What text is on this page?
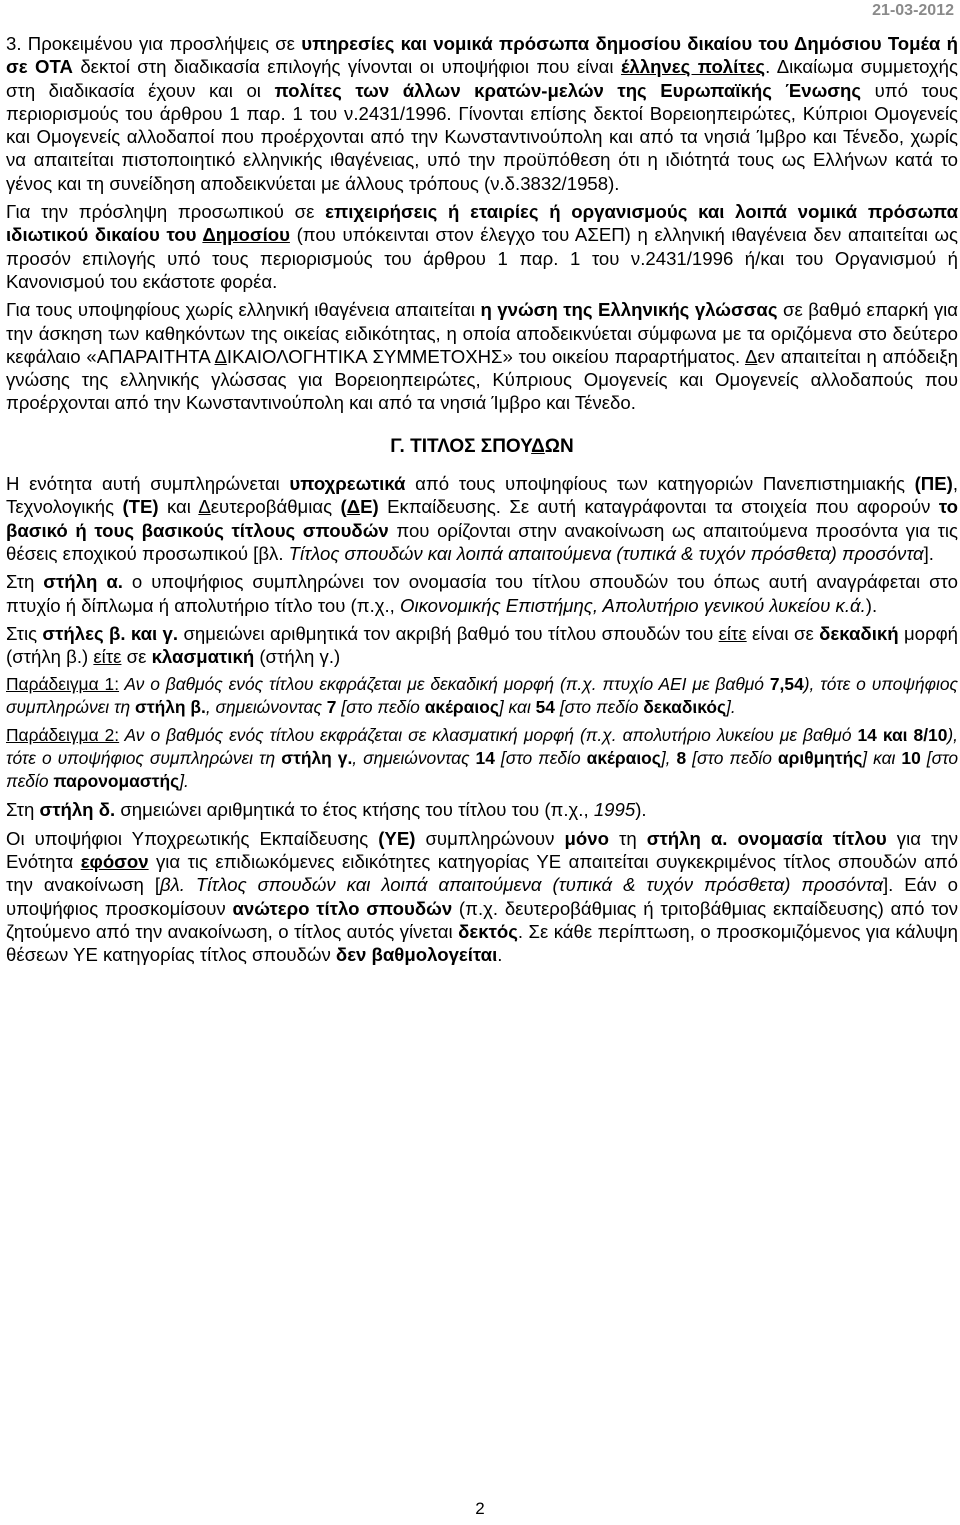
21-03-2012

3. Προκειμένου για προσλήψεις σε υπηρεσίες και νομικά πρόσωπα δημοσίου δικαίου του Δημόσιου Τομέα ή σε ΟΤΑ δεκτοί στη διαδικασία επιλογής γίνονται οι υποψήφιοι που είναι έλληνες πολίτες. Δικαίωμα συμμετοχής στη διαδικασία έχουν και οι πολίτες των άλλων κρατών-μελών της Ευρωπαϊκής Ένωσης υπό τους περιορισμούς του άρθρου 1 παρ. 1 του ν.2431/1996. Γίνονται επίσης δεκτοί Βορειοηπειρώτες, Κύπριοι Ομογενείς και Ομογενείς αλλοδαποί που προέρχονται από την Κωνσταντινούπολη και από τα νησιά Ίμβρο και Τένεδο, χωρίς να απαιτείται πιστοποιητικό ελληνικής ιθαγένειας, υπό την προϋπόθεση ότι η ιδιότητά τους ως Ελλήνων κατά το γένος και τη συνείδηση αποδεικνύεται με άλλους τρόπους (ν.δ.3832/1958).

Για την πρόσληψη προσωπικού σε επιχειρήσεις ή εταιρίες ή οργανισμούς και λοιπά νομικά πρόσωπα ιδιωτικού δικαίου του Δημοσίου (που υπόκεινται στον έλεγχο του ΑΣΕΠ) η ελληνική ιθαγένεια δεν απαιτείται ως προσόν επιλογής υπό τους περιορισμούς του άρθρου 1 παρ. 1 του ν.2431/1996 ή/και του Οργανισμού ή Κανονισμού του εκάστοτε φορέα.

Για τους υποψηφίους χωρίς ελληνική ιθαγένεια απαιτείται η γνώση της Ελληνικής γλώσσας σε βαθμό επαρκή για την άσκηση των καθηκόντων της οικείας ειδικότητας, η οποία αποδεικνύεται σύμφωνα με τα οριζόμενα στο δεύτερο κεφάλαιο «ΑΠΑΡΑΙΤΗΤΑ ΔΙΚΑΙΟΛΟΓΗΤΙΚΑ ΣΥΜΜΕΤΟΧΗΣ» του οικείου παραρτήματος. Δεν απαιτείται η απόδειξη γνώσης της ελληνικής γλώσσας για Βορειοηπειρώτες, Κύπριους Ομογενείς και Ομογενείς αλλοδαπούς που προέρχονται από την Κωνσταντινούπολη και από τα νησιά Ίμβρο και Τένεδο.

Γ. ΤΙΤΛΟΣ ΣΠΟΥΔΩΝ

Η ενότητα αυτή συμπληρώνεται υποχρεωτικά από τους υποψηφίους των κατηγοριών Πανεπιστημιακής (ΠΕ), Τεχνολογικής (ΤΕ) και Δευτεροβάθμιας (ΔΕ) Εκπαίδευσης. Σε αυτή καταγράφονται τα στοιχεία που αφορούν το βασικό ή τους βασικούς τίτλους σπουδών που ορίζονται στην ανακοίνωση ως απαιτούμενα προσόντα για τις θέσεις εποχικού προσωπικού [βλ. Τίτλος σπουδών και λοιπά απαιτούμενα (τυπικά & τυχόν πρόσθετα) προσόντα].

Στη στήλη α. ο υποψήφιος συμπληρώνει τον ονομασία του τίτλου σπουδών του όπως αυτή αναγράφεται στο πτυχίο ή δίπλωμα ή απολυτήριο τίτλο του (π.χ., Οικονομικής Επιστήμης, Απολυτήριο γενικού λυκείου κ.ά.).

Στις στήλες β. και γ. σημειώνει αριθμητικά τον ακριβή βαθμό του τίτλου σπουδών του είτε είναι σε δεκαδική μορφή (στήλη β.) είτε σε κλασματική (στήλη γ.)

Παράδειγμα 1: Αν ο βαθμός ενός τίτλου εκφράζεται με δεκαδική μορφή (π.χ. πτυχίο ΑΕΙ με βαθμό 7,54), τότε ο υποψήφιος συμπληρώνει τη στήλη β., σημειώνοντας 7 [στο πεδίο ακέραιος] και 54 [στο πεδίο δεκαδικός].

Παράδειγμα 2: Αν ο βαθμός ενός τίτλου εκφράζεται σε κλασματική μορφή (π.χ. απολυτήριο λυκείου με βαθμό 14 και 8/10), τότε ο υποψήφιος συμπληρώνει τη στήλη γ., σημειώνοντας 14 [στο πεδίο ακέραιος], 8 [στο πεδίο αριθμητής] και 10 [στο πεδίο παρονομαστής].

Στη στήλη δ. σημειώνει αριθμητικά το έτος κτήσης του τίτλου του (π.χ., 1995).

Οι υποψήφιοι Υποχρεωτικής Εκπαίδευσης (ΥΕ) συμπληρώνουν μόνο τη στήλη α. ονομασία τίτλου για την Ενότητα εφόσον για τις επιδιωκόμενες ειδικότητες κατηγορίας ΥΕ απαιτείται συγκεκριμένος τίτλος σπουδών από την ανακοίνωση [βλ. Τίτλος σπουδών και λοιπά απαιτούμενα (τυπικά & τυχόν πρόσθετα) προσόντα]. Εάν ο υποψήφιος προσκομίσουν ανώτερο τίτλο σπουδών (π.χ. δευτεροβάθμιας ή τριτοβάθμιας εκπαίδευσης) από τον ζητούμενο από την ανακοίνωση, ο τίτλος αυτός γίνεται δεκτός. Σε κάθε περίπτωση, ο προσκομιζόμενος για κάλυψη θέσεων ΥΕ κατηγορίας τίτλος σπουδών δεν βαθμολογείται.

2
